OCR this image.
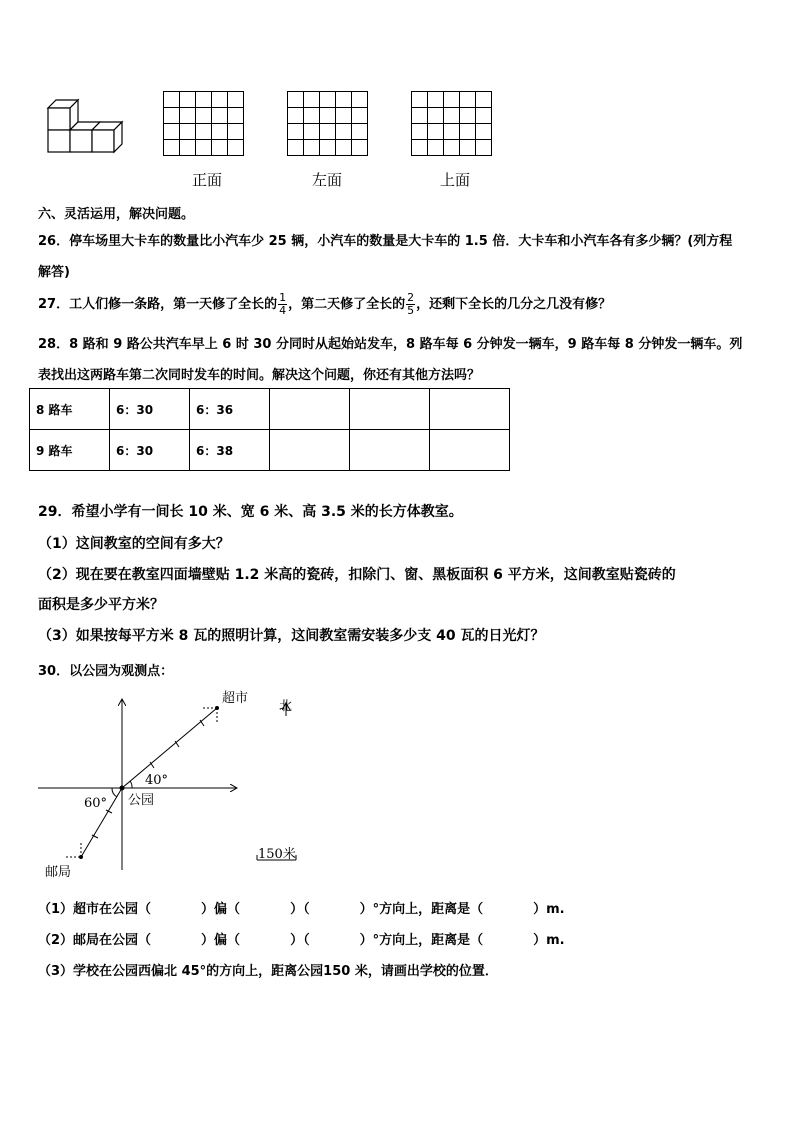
正面	左面	上面
六、灵活运用，解决问题。
26．停车场里大卡车的数量比小汽车少 25 辆，小汽车的数量是大卡车的 1.5 倍．大卡车和小汽车各有多少辆？(列方程
解答)
27．工人们修一条路，第一天修了全长的 $\frac{1}{4}$ ，第二天修了全长的 $\frac{2}{5}$ ，还剩下全长的几分之几没有修？
28．8 路和 9 路公共汽车早上 6 时 30 分同时从起始站发车，8 路车每 6 分钟发一辆车，9 路车每 8 分钟发一辆车。列
表找出这两路车第二次同时发车的时间。解决这个问题，你还有其他方法吗？
8 路车	6：30	6：36			
9 路车	6：30	6：38			
29．希望小学有一间长 10 米、宽 6 米、高 3.5 米的长方体教室。
（1）这间教室的空间有多大？
（2）现在要在教室四面墙壁贴 1.2 米高的瓷砖，扣除门、窗、黑板面积 6 平方米，这间教室贴瓷砖的
面积是多少平方米？
（3）如果按每平方米 8 瓦的照明计算，这间教室需安装多少支 40 瓦的日光灯？
30．以公园为观测点：
超市
北
40°
60° 公园
邮局
150米
（1）超市在公园（	）偏（	）（	）°方向上，距离是（	）m.
（2）邮局在公园（	）偏（	）（	）°方向上，距离是（	）m.
（3）学校在公园西偏北 45°的方向上，距离公园150 米，请画出学校的位置．
